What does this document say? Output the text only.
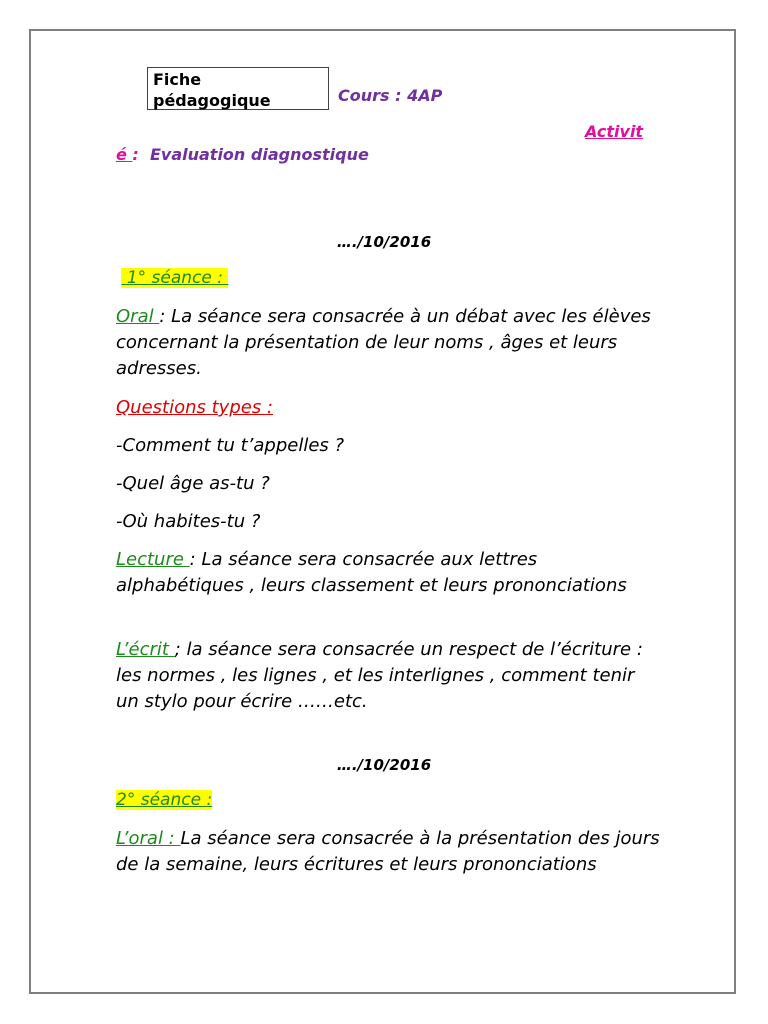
Fiche
pédagogique	Cours : 4AP
Activit
é : Evaluation diagnostique
…./10/2016
1° séance :
Oral : La séance sera consacrée à un débat avec les élèves concernant la présentation de leur noms , âges et leurs adresses.
Questions types :
-Comment tu t’appelles ?
-Quel âge as-tu ?
-Où habites-tu ?
Lecture : La séance sera consacrée aux lettres alphabétiques , leurs classement et leurs prononciations
L’écrit ; la séance sera consacrée un respect de l’écriture : les normes , les lignes , et les interlignes , comment tenir un stylo pour écrire ……etc.
…./10/2016
2° séance :
L’oral : La séance sera consacrée à la présentation des jours de la semaine, leurs écritures et leurs prononciations
